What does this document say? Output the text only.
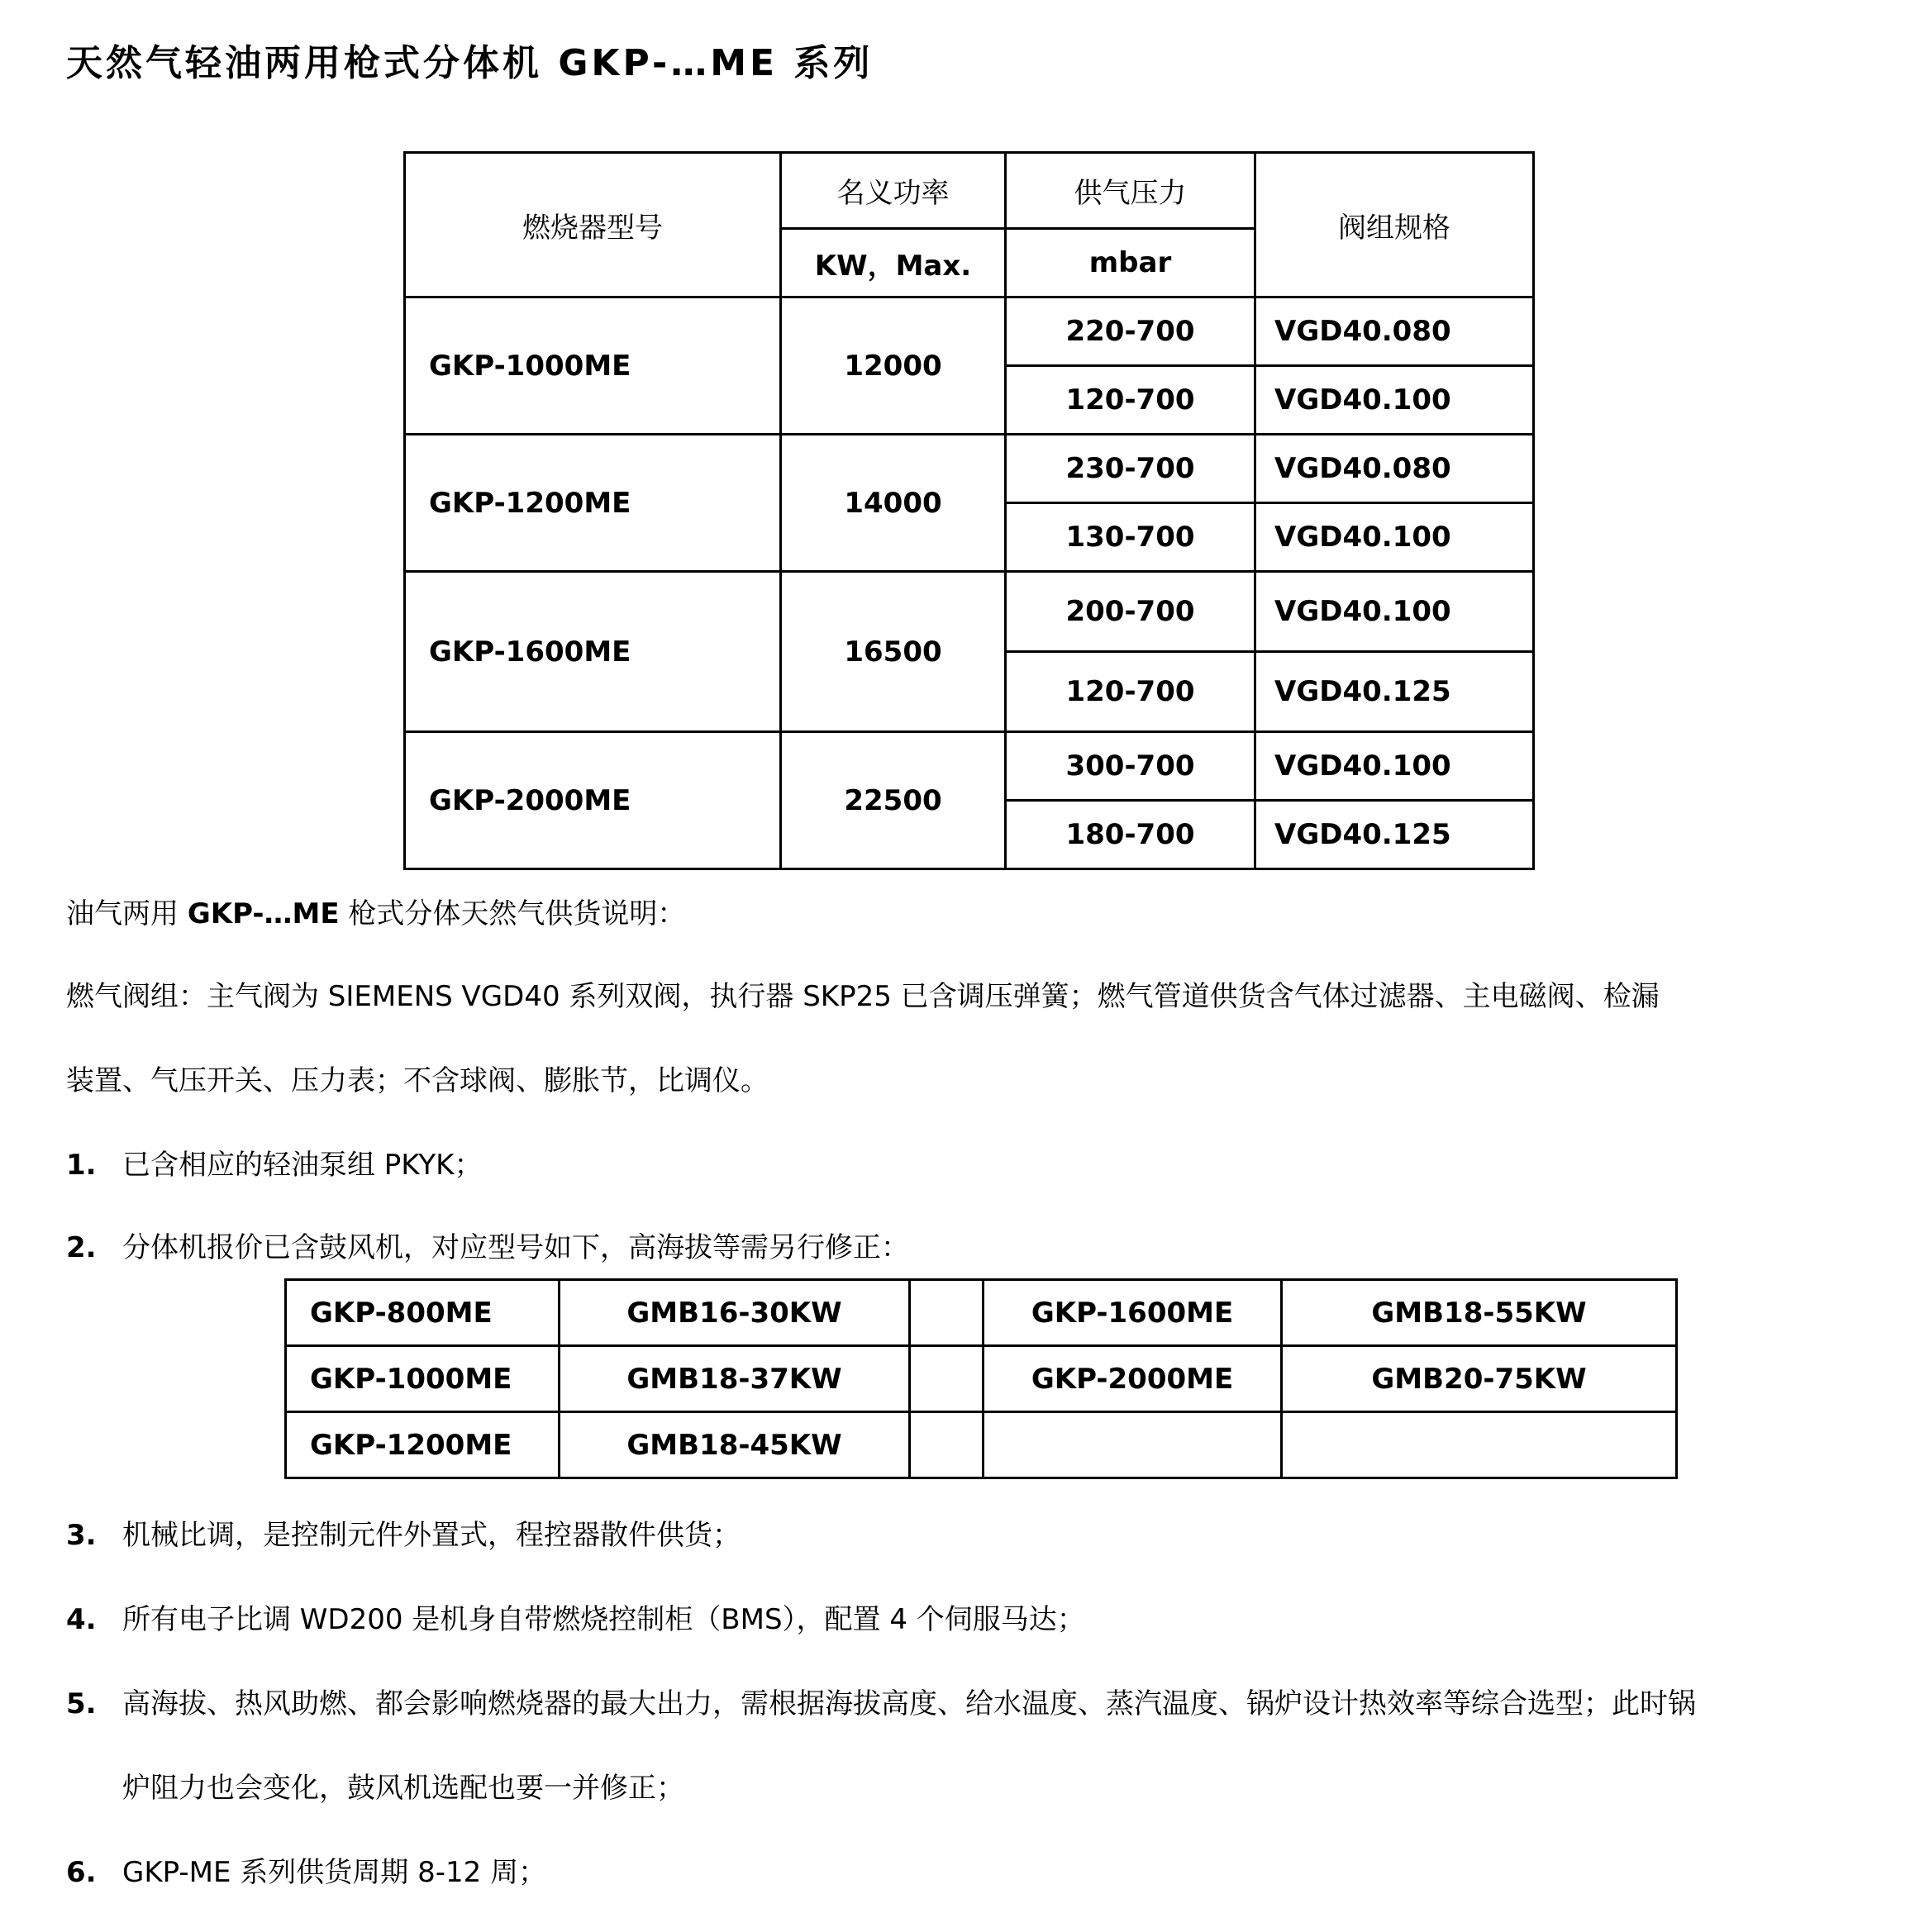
天然气轻油两用枪式分体机 GKP-…ME 系列
燃烧器型号	名义功率	供气压力	阀组规格
	KW，Max.	mbar	
GKP-1000ME	12000	220-700	VGD40.080
		120-700	VGD40.100
GKP-1200ME	14000	230-700	VGD40.080
		130-700	VGD40.100
GKP-1600ME	16500	200-700	VGD40.100
		120-700	VGD40.125
GKP-2000ME	22500	300-700	VGD40.100
		180-700	VGD40.125
油气两用 GKP-…ME 枪式分体天然气供货说明：
燃气阀组：主气阀为 SIEMENS VGD40 系列双阀，执行器 SKP25 已含调压弹簧；燃气管道供货含气体过滤器、主电磁阀、检漏
装置、气压开关、压力表；不含球阀、膨胀节，比调仪。
1. 已含相应的轻油泵组 PKYK；
2. 分体机报价已含鼓风机，对应型号如下，高海拔等需另行修正：
GKP-800ME	GMB16-30KW		GKP-1600ME	GMB18-55KW
GKP-1000ME	GMB18-37KW		GKP-2000ME	GMB20-75KW
GKP-1200ME	GMB18-45KW			
3. 机械比调，是控制元件外置式，程控器散件供货；
4. 所有电子比调 WD200 是机身自带燃烧控制柜（BMS），配置 4 个伺服马达；
5. 高海拔、热风助燃、都会影响燃烧器的最大出力，需根据海拔高度、给水温度、蒸汽温度、锅炉设计热效率等综合选型；此时锅
炉阻力也会变化，鼓风机选配也要一并修正；
6. GKP-ME 系列供货周期 8-12 周；
